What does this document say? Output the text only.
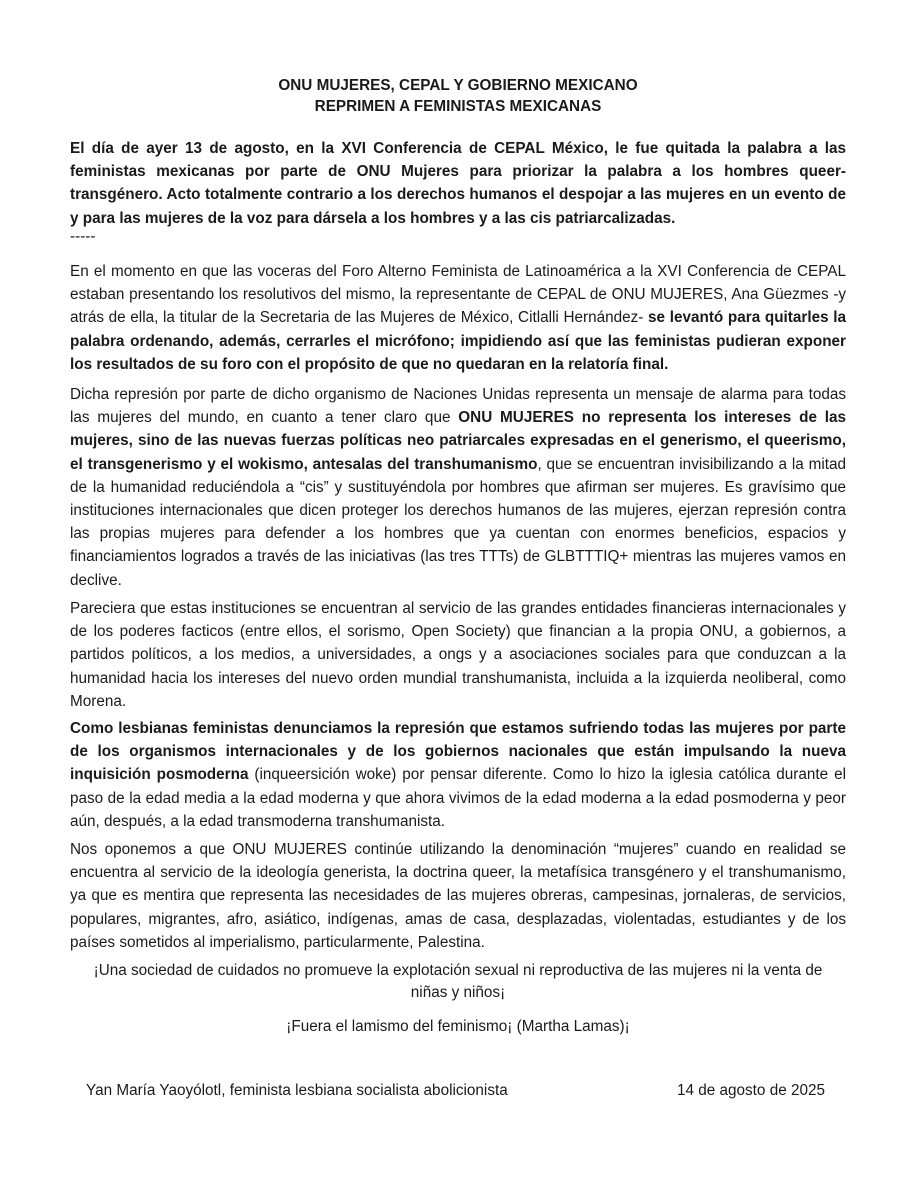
ONU MUJERES, CEPAL Y GOBIERNO MEXICANO
REPRIMEN A FEMINISTAS MEXICANAS

El día de ayer 13 de agosto, en la XVI Conferencia de CEPAL México, le fue quitada la palabra a las feministas mexicanas por parte de ONU Mujeres para priorizar la palabra a los hombres queer-transgénero. Acto totalmente contrario a los derechos humanos el despojar a las mujeres en un evento de y para las mujeres de la voz para dársela a los hombres y a las cis patriarcalizadas.

-----

En el momento en que las voceras del Foro Alterno Feminista de Latinoamérica a la XVI Conferencia de CEPAL estaban presentando los resolutivos del mismo, la representante de CEPAL de ONU MUJERES, Ana Güezmes -y atrás de ella, la titular de la Secretaria de las Mujeres de México, Citlalli Hernández- se levantó para quitarles la palabra ordenando, además, cerrarles el micrófono; impidiendo así que las feministas pudieran exponer los resultados de su foro con el propósito de que no quedaran en la relatoría final.

Dicha represión por parte de dicho organismo de Naciones Unidas representa un mensaje de alarma para todas las mujeres del mundo, en cuanto a tener claro que ONU MUJERES no representa los intereses de las mujeres, sino de las nuevas fuerzas políticas neo patriarcales expresadas en el generismo, el queerismo, el transgenerismo y el wokismo, antesalas del transhumanismo, que se encuentran invisibilizando a la mitad de la humanidad reduciéndola a “cis” y sustituyéndola por hombres que afirman ser mujeres. Es gravísimo que instituciones internacionales que dicen proteger los derechos humanos de las mujeres, ejerzan represión contra las propias mujeres para defender a los hombres que ya cuentan con enormes beneficios, espacios y financiamientos logrados a través de las iniciativas (las tres TTTs) de GLBTTTIQ+ mientras las mujeres vamos en declive.

Pareciera que estas instituciones se encuentran al servicio de las grandes entidades financieras internacionales y de los poderes facticos (entre ellos, el sorismo, Open Society) que financian a la propia ONU, a gobiernos, a partidos políticos, a los medios, a universidades, a ongs y a asociaciones sociales para que conduzcan a la humanidad hacia los intereses del nuevo orden mundial transhumanista, incluida a la izquierda neoliberal, como Morena.

Como lesbianas feministas denunciamos la represión que estamos sufriendo todas las mujeres por parte de los organismos internacionales y de los gobiernos nacionales que están impulsando la nueva inquisición posmoderna (inqueersición woke) por pensar diferente. Como lo hizo la iglesia católica durante el paso de la edad media a la edad moderna y que ahora vivimos de la edad moderna a la edad posmoderna y peor aún, después, a la edad transmoderna transhumanista.

Nos oponemos a que ONU MUJERES continúe utilizando la denominación “mujeres” cuando en realidad se encuentra al servicio de la ideología generista, la doctrina queer, la metafísica transgénero y el transhumanismo, ya que es mentira que representa las necesidades de las mujeres obreras, campesinas, jornaleras, de servicios, populares, migrantes, afro, asiático, indígenas, amas de casa, desplazadas, violentadas, estudiantes y de los países sometidos al imperialismo, particularmente, Palestina.

¡Una sociedad de cuidados no promueve la explotación sexual ni reproductiva de las mujeres ni la venta de
niñas y niños¡
¡Fuera el lamismo del feminismo¡ (Martha Lamas)¡
Yan María Yaoyólotl, feminista lesbiana socialista abolicionista	14 de agosto de 2025
